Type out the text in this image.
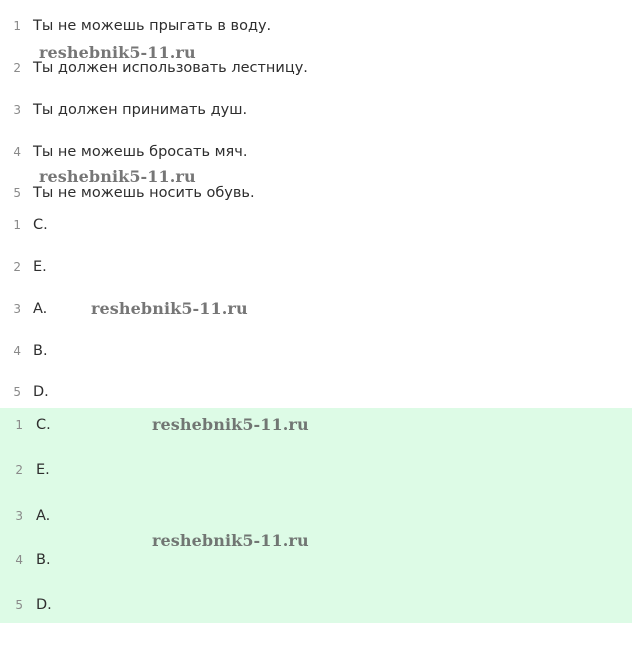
1 Ты не можешь прыгать в воду.
2 Ты должен использовать лестницу.
3 Ты должен принимать душ.
4 Ты не можешь бросать мяч.
5 Ты не можешь носить обувь.
1 C.
2 E.
3 A.
4 B.
5 D.
1 C.
2 E.
3 A.
4 B.
5 D.
reshebnik5-11.ru
reshebnik5-11.ru
reshebnik5-11.ru
reshebnik5-11.ru
reshebnik5-11.ru
